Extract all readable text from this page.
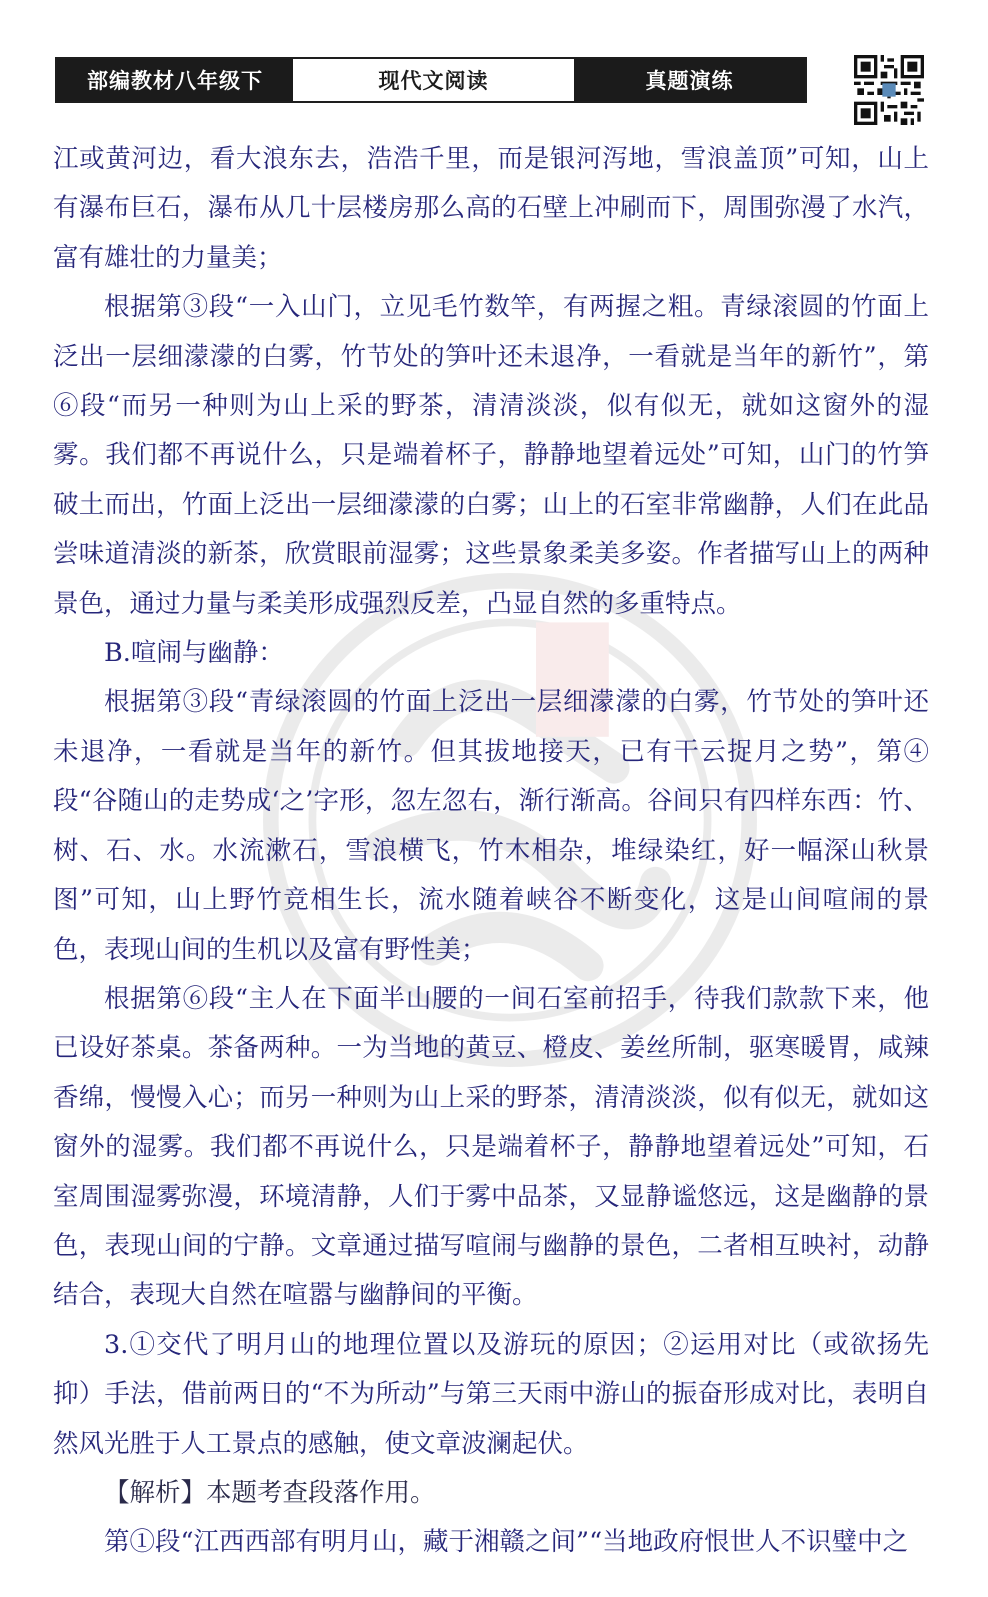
部编教材八年级下	现代文阅读	真题演练

江或黄河边，看大浪东去，浩浩千里，而是银河泻地，雪浪盖顶”可知，山上有瀑布巨石，瀑布从几十层楼房那么高的石壁上冲刷而下，周围弥漫了水汽，富有雄壮的力量美；

根据第③段“一入山门，立见毛竹数竿，有两握之粗。青绿滚圆的竹面上泛出一层细濛濛的白雾，竹节处的笋叶还未退净，一看就是当年的新竹”，第⑥段“而另一种则为山上采的野茶，清清淡淡，似有似无，就如这窗外的湿雾。我们都不再说什么，只是端着杯子，静静地望着远处”可知，山门的竹笋破土而出，竹面上泛出一层细濛濛的白雾；山上的石室非常幽静，人们在此品尝味道清淡的新茶，欣赏眼前湿雾；这些景象柔美多姿。作者描写山上的两种景色，通过力量与柔美形成强烈反差，凸显自然的多重特点。

B.喧闹与幽静：

根据第③段“青绿滚圆的竹面上泛出一层细濛濛的白雾，竹节处的笋叶还未退净，一看就是当年的新竹。但其拔地接天，已有干云捉月之势”，第④段“谷随山的走势成‘之’字形，忽左忽右，渐行渐高。谷间只有四样东西：竹、树、石、水。水流漱石，雪浪横飞，竹木相杂，堆绿染红，好一幅深山秋景图”可知，山上野竹竞相生长，流水随着峡谷不断变化，这是山间喧闹的景色，表现山间的生机以及富有野性美；

根据第⑥段“主人在下面半山腰的一间石室前招手，待我们款款下来，他已设好茶桌。茶备两种。一为当地的黄豆、橙皮、姜丝所制，驱寒暖胃，咸辣香绵，慢慢入心；而另一种则为山上采的野茶，清清淡淡，似有似无，就如这窗外的湿雾。我们都不再说什么，只是端着杯子，静静地望着远处”可知，石室周围湿雾弥漫，环境清静，人们于雾中品茶，又显静谧悠远，这是幽静的景色，表现山间的宁静。文章通过描写喧闹与幽静的景色，二者相互映衬，动静结合，表现大自然在喧嚣与幽静间的平衡。

3.①交代了明月山的地理位置以及游玩的原因；②运用对比（或欲扬先抑）手法，借前两日的“不为所动”与第三天雨中游山的振奋形成对比，表明自然风光胜于人工景点的感触，使文章波澜起伏。

【解析】本题考查段落作用。

第①段“江西西部有明月山，藏于湘赣之间”“当地政府恨世人不识璧中之
